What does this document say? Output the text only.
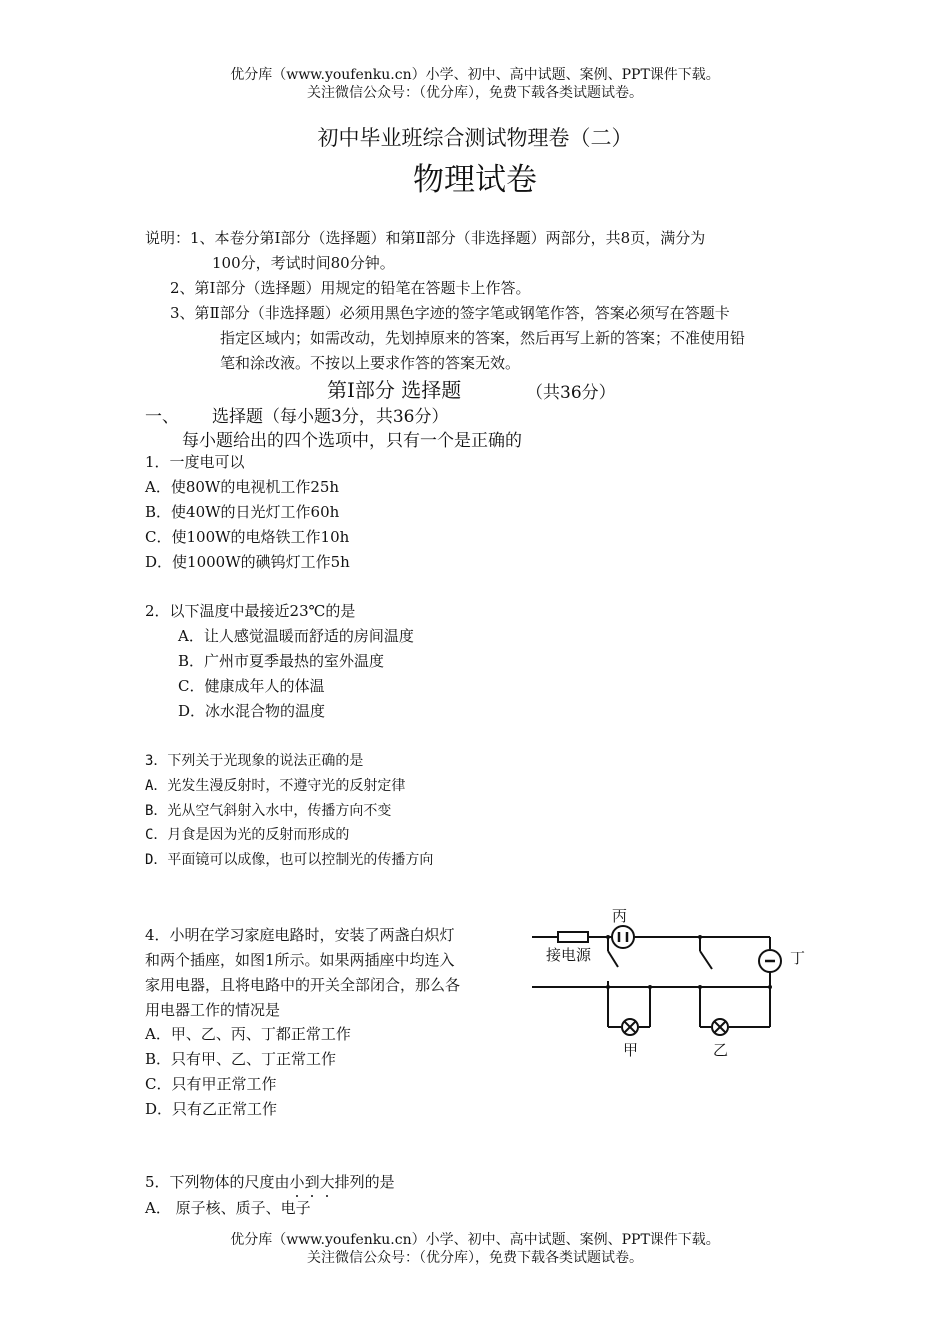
优分库（www.youfenku.cn）小学、初中、高中试题、案例、PPT课件下载。
关注微信公众号：（优分库），免费下载各类试题试卷。
初中毕业班综合测试物理卷（二）
物理试卷
说明：1、本卷分第Ⅰ部分（选择题）和第Ⅱ部分（非选择题）两部分，共8页，满分为
100分，考试时间80分钟。
2、第Ⅰ部分（选择题）用规定的铅笔在答题卡上作答。
3、第Ⅱ部分（非选择题）必须用黑色字迹的签字笔或钢笔作答，答案必须写在答题卡
指定区域内；如需改动，先划掉原来的答案，然后再写上新的答案；不准使用铅
笔和涂改液。不按以上要求作答的答案无效。
第Ⅰ部分 选择题	（共36分）
一、 选择题（每小题3分，共36分）
每小题给出的四个选项中，只有一个是正确的
1．一度电可以
A．使80W的电视机工作25h
B．使40W的日光灯工作60h
C．使100W的电烙铁工作10h
D．使1000W的碘钨灯工作5h
2．以下温度中最接近23℃的是
A．让人感觉温暖而舒适的房间温度
B．广州市夏季最热的室外温度
C．健康成年人的体温
D．冰水混合物的温度
3．下列关于光现象的说法正确的是
A．光发生漫反射时，不遵守光的反射定律
B．光从空气斜射入水中，传播方向不变
C．月食是因为光的反射而形成的
D．平面镜可以成像，也可以控制光的传播方向
4．小明在学习家庭电路时，安装了两盏白炽灯
和两个插座，如图1所示。如果两插座中均连入
家用电器，且将电路中的开关全部闭合，那么各
用电器工作的情况是
A．甲、乙、丙、丁都正常工作
B．只有甲、乙、丁正常工作
C．只有甲正常工作
D．只有乙正常工作
丙
接电源	丁
甲	乙
5．下列物体的尺度由小到大排列的是
A． 原子核、质子、电子
优分库（www.youfenku.cn）小学、初中、高中试题、案例、PPT课件下载。
关注微信公众号：（优分库），免费下载各类试题试卷。
